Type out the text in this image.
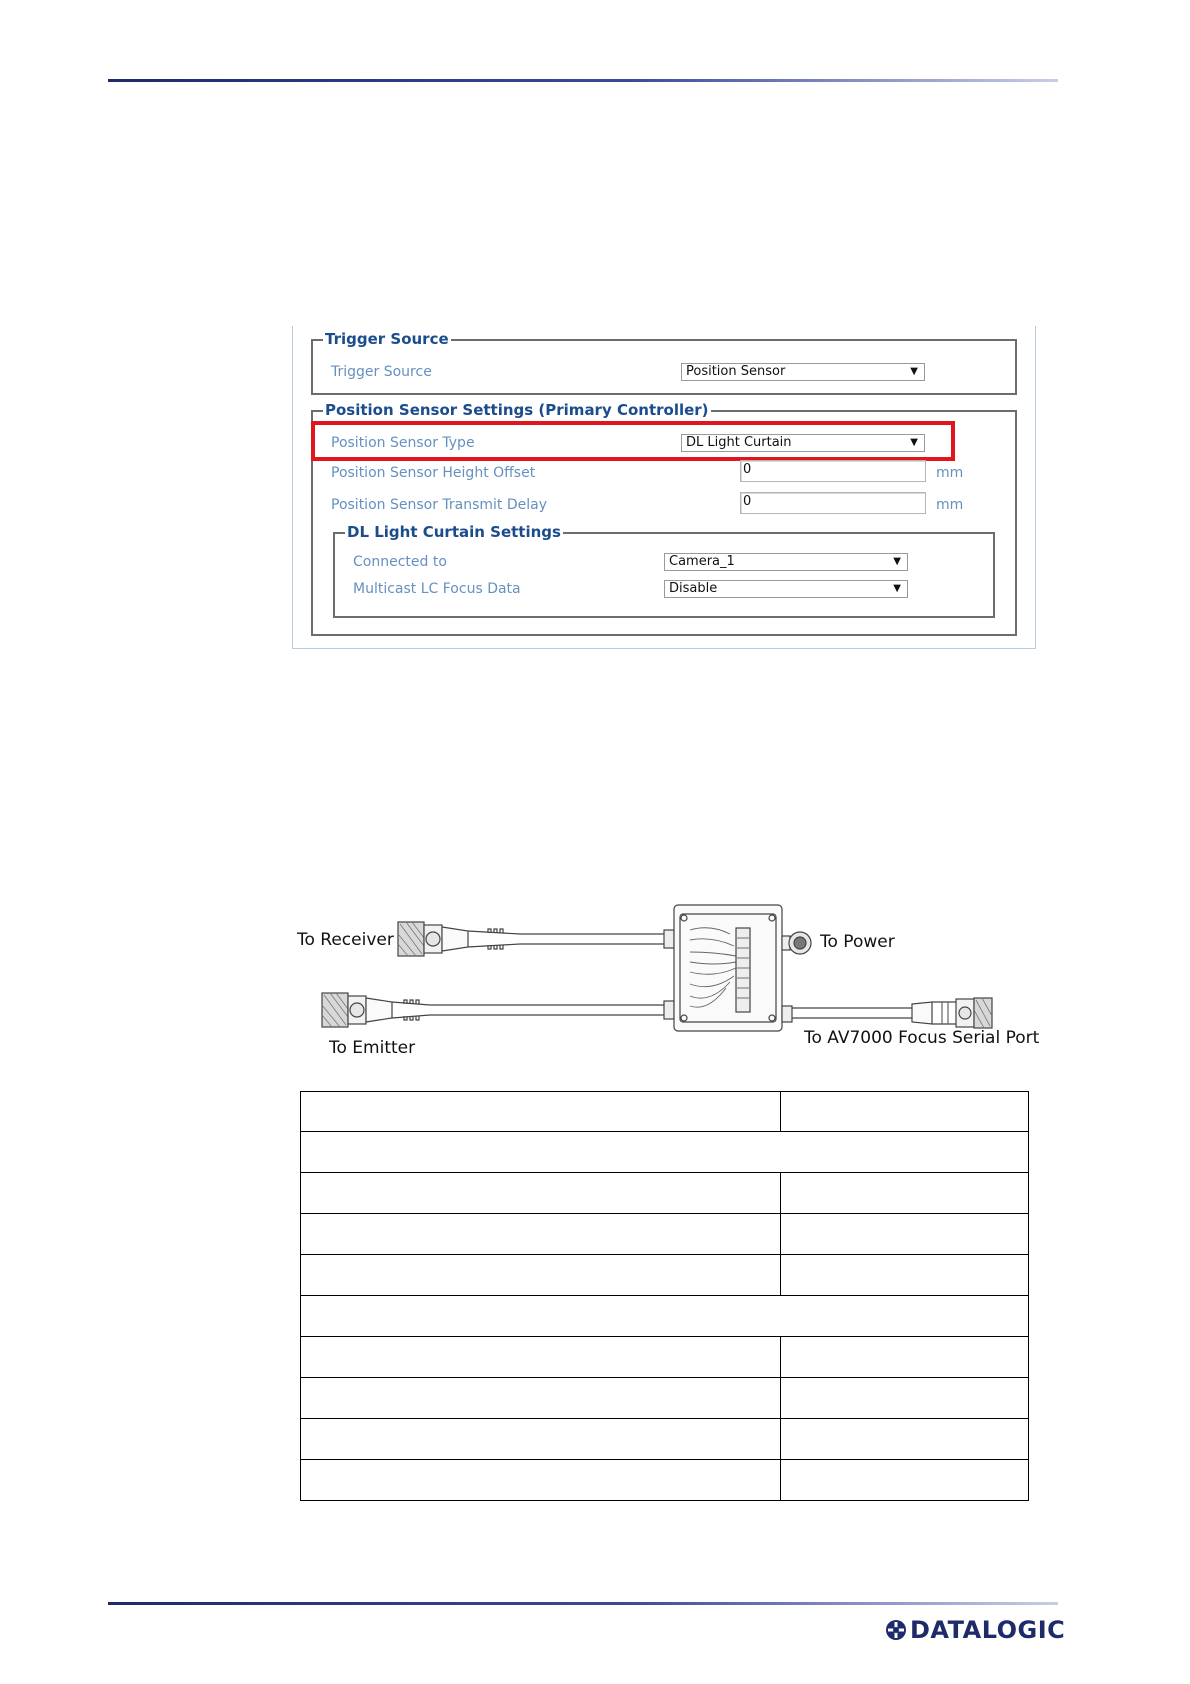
Trigger Source
Trigger Source	Position Sensor	▼
Position Sensor Settings (Primary Controller)
Position Sensor Type	DL Light Curtain	▼
Position Sensor Height Offset	0	mm
Position Sensor Transmit Delay	0	mm
DL Light Curtain Settings
Connected to	Camera_1	▼
Multicast LC Focus Data	Disable	▼
To Receiver	To Power
To Emitter	To AV7000 Focus Serial Port

DATALOGIC
